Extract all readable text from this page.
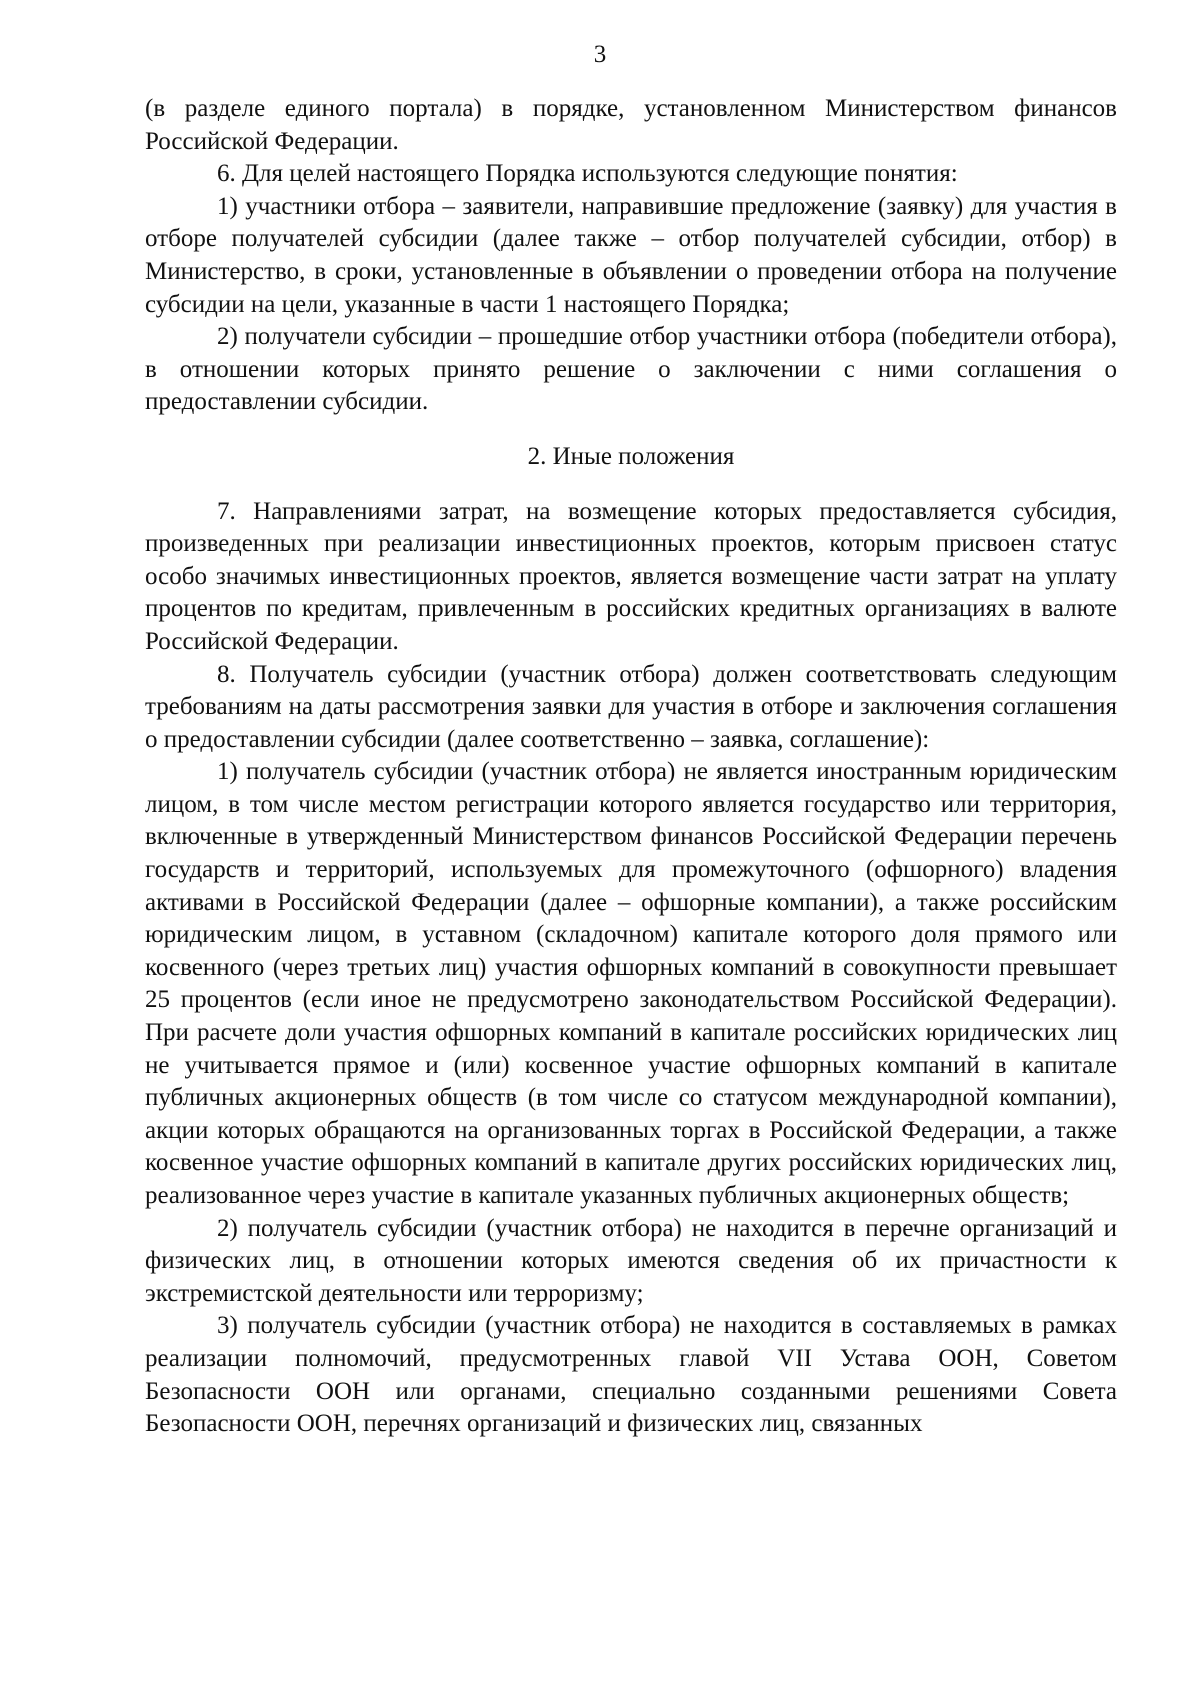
3

(в разделе единого портала) в порядке, установленном Министерством финансов Российской Федерации.

6. Для целей настоящего Порядка используются следующие понятия:

1) участники отбора – заявители, направившие предложение (заявку) для участия в отборе получателей субсидии (далее также – отбор получателей субсидии, отбор) в Министерство, в сроки, установленные в объявлении о проведении отбора на получение субсидии на цели, указанные в части 1 настоящего Порядка;

2) получатели субсидии – прошедшие отбор участники отбора (победители отбора), в отношении которых принято решение о заключении с ними соглашения о предоставлении субсидии.

2. Иные положения

7. Направлениями затрат, на возмещение которых предоставляется субсидия, произведенных при реализации инвестиционных проектов, которым присвоен статус особо значимых инвестиционных проектов, является возмещение части затрат на уплату процентов по кредитам, привлеченным в российских кредитных организациях в валюте Российской Федерации.

8. Получатель субсидии (участник отбора) должен соответствовать следующим требованиям на даты рассмотрения заявки для участия в отборе и заключения соглашения о предоставлении субсидии (далее соответственно – заявка, соглашение):

1) получатель субсидии (участник отбора) не является иностранным юридическим лицом, в том числе местом регистрации которого является государство или территория, включенные в утвержденный Министерством финансов Российской Федерации перечень государств и территорий, используемых для промежуточного (офшорного) владения активами в Российской Федерации (далее – офшорные компании), а также российским юридическим лицом, в уставном (складочном) капитале которого доля прямого или косвенного (через третьих лиц) участия офшорных компаний в совокупности превышает 25 процентов (если иное не предусмотрено законодательством Российской Федерации). При расчете доли участия офшорных компаний в капитале российских юридических лиц не учитывается прямое и (или) косвенное участие офшорных компаний в капитале публичных акционерных обществ (в том числе со статусом международной компании), акции которых обращаются на организованных торгах в Российской Федерации, а также косвенное участие офшорных компаний в капитале других российских юридических лиц, реализованное через участие в капитале указанных публичных акционерных обществ;

2) получатель субсидии (участник отбора) не находится в перечне организаций и физических лиц, в отношении которых имеются сведения об их причастности к экстремистской деятельности или терроризму;

3) получатель субсидии (участник отбора) не находится в составляемых в рамках реализации полномочий, предусмотренных главой VII Устава ООН, Советом Безопасности ООН или органами, специально созданными решениями Совета Безопасности ООН, перечнях организаций и физических лиц, связанных
